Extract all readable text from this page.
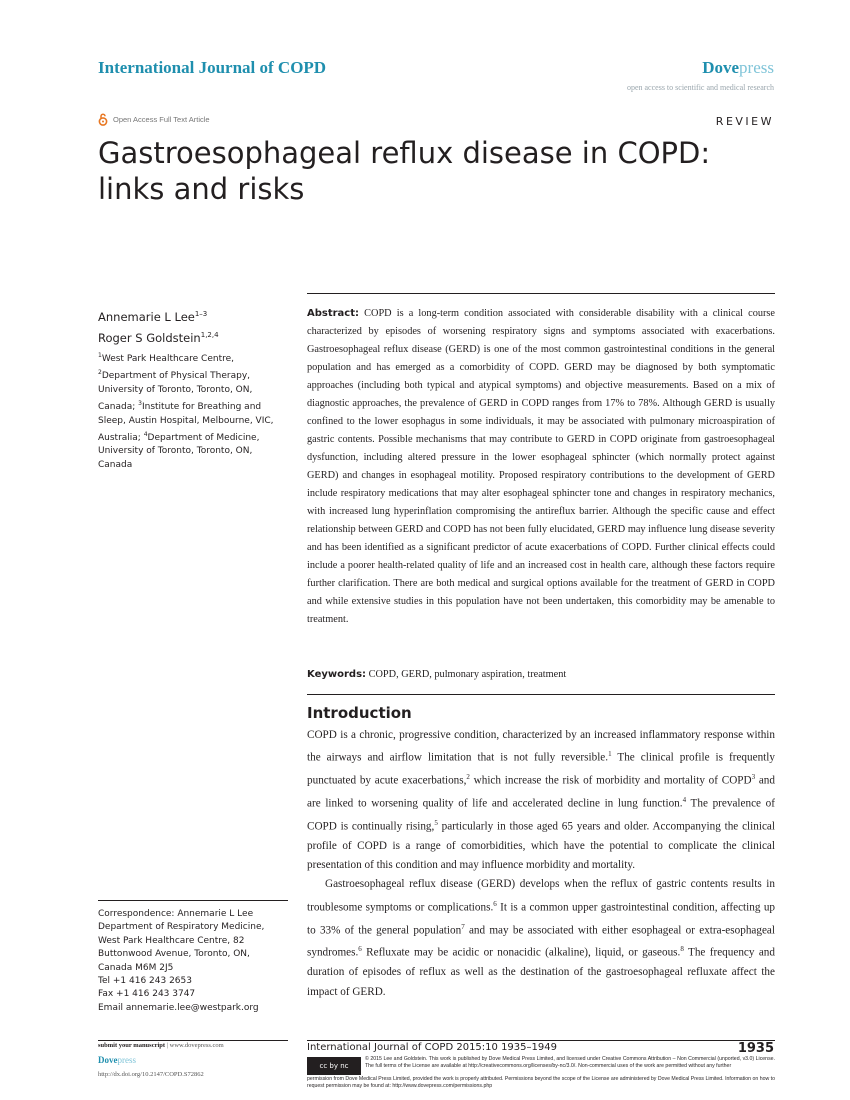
International Journal of COPD	Dovepress
open access to scientific and medical research
Open Access Full Text Article	REVIEW
Gastroesophageal reflux disease in COPD: links and risks
Annemarie L Lee$^{1-3}$
Roger S Goldstein$^{1,2,4}$
$^1$West Park Healthcare Centre, $^2$Department of Physical Therapy, University of Toronto, Toronto, ON, Canada; $^3$Institute for Breathing and Sleep, Austin Hospital, Melbourne, VIC, Australia; $^4$Department of Medicine, University of Toronto, Toronto, ON, Canada
Abstract: COPD is a long-term condition associated with considerable disability with a clinical course characterized by episodes of worsening respiratory signs and symptoms associated with exacerbations. Gastroesophageal reflux disease (GERD) is one of the most common gastrointestinal conditions in the general population and has emerged as a comorbidity of COPD. GERD may be diagnosed by both symptomatic approaches (including both typical and atypical symptoms) and objective measurements. Based on a mix of diagnostic approaches, the prevalence of GERD in COPD ranges from 17% to 78%. Although GERD is usually confined to the lower esophagus in some individuals, it may be associated with pulmonary microaspiration of gastric contents. Possible mechanisms that may contribute to GERD in COPD originate from gastroesophageal dysfunction, including altered pressure in the lower esophageal sphincter (which normally protect against GERD) and changes in esophageal motility. Proposed respiratory contributions to the development of GERD include respiratory medications that may alter esophageal sphincter tone and changes in respiratory mechanics, with increased lung hyperinflation compromising the antireflux barrier. Although the specific cause and effect relationship between GERD and COPD has not been fully elucidated, GERD may influence lung disease severity and has been identified as a significant predictor of acute exacerbations of COPD. Further clinical effects could include a poorer health-related quality of life and an increased cost in health care, although these factors require further clarification. There are both medical and surgical options available for the treatment of GERD in COPD and while extensive studies in this population have not been undertaken, this comorbidity may be amenable to treatment.
Keywords: COPD, GERD, pulmonary aspiration, treatment
Introduction

COPD is a chronic, progressive condition, characterized by an increased inflammatory response within the airways and airflow limitation that is not fully reversible.$^1$ The clinical profile is frequently punctuated by acute exacerbations,$^2$ which increase the risk of morbidity and mortality of COPD$^3$ and are linked to worsening quality of life and accelerated decline in lung function.$^4$ The prevalence of COPD is continually rising,$^5$ particularly in those aged 65 years and older. Accompanying the clinical profile of COPD is a range of comorbidities, which have the potential to complicate the clinical presentation of this condition and may influence morbidity and mortality.

Gastroesophageal reflux disease (GERD) develops when the reflux of gastric contents results in troublesome symptoms or complications.$^6$ It is a common upper gastrointestinal condition, affecting up to 33% of the general population$^7$ and may be associated with either esophageal or extra-esophageal syndromes.$^6$ Refluxate may be acidic or nonacidic (alkaline), liquid, or gaseous.$^8$ The frequency and duration of episodes of reflux as well as the destination of the gastroesophageal refluxate affect the impact of GERD.

Correspondence: Annemarie L Lee
Department of Respiratory Medicine,
West Park Healthcare Centre, 82
Buttonwood Avenue, Toronto, ON,
Canada M6M 2J5
Tel +1 416 243 2653
Fax +1 416 243 3747
Email annemarie.lee@westpark.org
submit your manuscript | www.dovepress.com
Dovepress
http://dx.doi.org/10.2147/COPD.S72862
International Journal of COPD 2015:10 1935–1949	1935
cc by nc
© 2015 Lee and Goldstein. This work is published by Dove Medical Press Limited, and licensed under Creative Commons Attribution – Non Commercial (unported, v3.0) License. The full terms of the License are available at http://creativecommons.org/licenses/by-nc/3.0/. Non-commercial uses of the work are permitted without any further
permission from Dove Medical Press Limited, provided the work is properly attributed. Permissions beyond the scope of the License are administered by Dove Medical Press Limited. Information on how to request permission may be found at: http://www.dovepress.com/permissions.php
